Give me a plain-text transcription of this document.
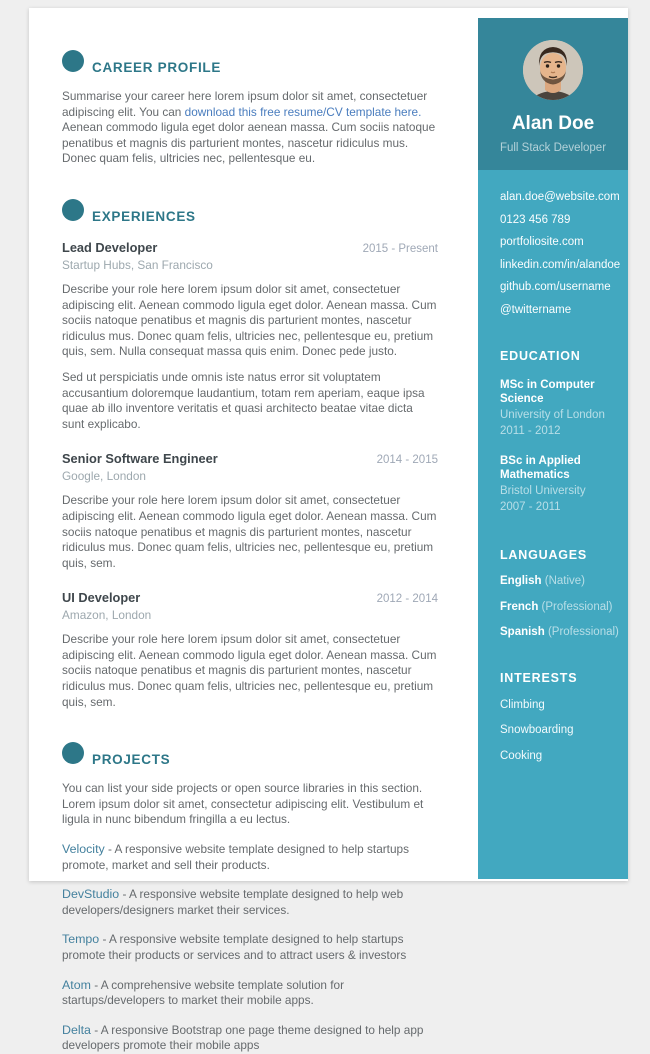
CAREER PROFILE

Summarise your career here lorem ipsum dolor sit amet, consectetuer adipiscing elit. You can download this free resume/CV template here. Aenean commodo ligula eget dolor aenean massa. Cum sociis natoque penatibus et magnis dis parturient montes, nascetur ridiculus mus. Donec quam felis, ultricies nec, pellentesque eu.

EXPERIENCES
Lead Developer	2015 - Present
Startup Hubs, San Francisco

Describe your role here lorem ipsum dolor sit amet, consectetuer adipiscing elit. Aenean commodo ligula eget dolor. Aenean massa. Cum sociis natoque penatibus et magnis dis parturient montes, nascetur ridiculus mus. Donec quam felis, ultricies nec, pellentesque eu, pretium quis, sem. Nulla consequat massa quis enim. Donec pede justo.

Sed ut perspiciatis unde omnis iste natus error sit voluptatem accusantium doloremque laudantium, totam rem aperiam, eaque ipsa quae ab illo inventore veritatis et quasi architecto beatae vitae dicta sunt explicabo.

Senior Software Engineer	2014 - 2015
Google, London

Describe your role here lorem ipsum dolor sit amet, consectetuer adipiscing elit. Aenean commodo ligula eget dolor. Aenean massa. Cum sociis natoque penatibus et magnis dis parturient montes, nascetur ridiculus mus. Donec quam felis, ultricies nec, pellentesque eu, pretium quis, sem.

UI Developer	2012 - 2014
Amazon, London

Describe your role here lorem ipsum dolor sit amet, consectetuer adipiscing elit. Aenean commodo ligula eget dolor. Aenean massa. Cum sociis natoque penatibus et magnis dis parturient montes, nascetur ridiculus mus. Donec quam felis, ultricies nec, pellentesque eu, pretium quis, sem.

PROJECTS

You can list your side projects or open source libraries in this section. Lorem ipsum dolor sit amet, consectetur adipiscing elit. Vestibulum et ligula in nunc bibendum fringilla a eu lectus.

Velocity - A responsive website template designed to help startups promote, market and sell their products.
DevStudio - A responsive website template designed to help web developers/designers market their services.
Tempo - A responsive website template designed to help startups promote their products or services and to attract users & investors
Atom - A comprehensive website template solution for startups/developers to market their mobile apps.
Delta - A responsive Bootstrap one page theme designed to help app developers promote their mobile apps
Alan Doe
Full Stack Developer
alan.doe@website.com
0123 456 789
portfoliosite.com
linkedin.com/in/alandoe
github.com/username
@twittername
EDUCATION
MSc in Computer Science
University of London
2011 - 2012
BSc in Applied Mathematics
Bristol University
2007 - 2011
LANGUAGES
English (Native)
French (Professional)
Spanish (Professional)
INTERESTS
Climbing
Snowboarding
Cooking
